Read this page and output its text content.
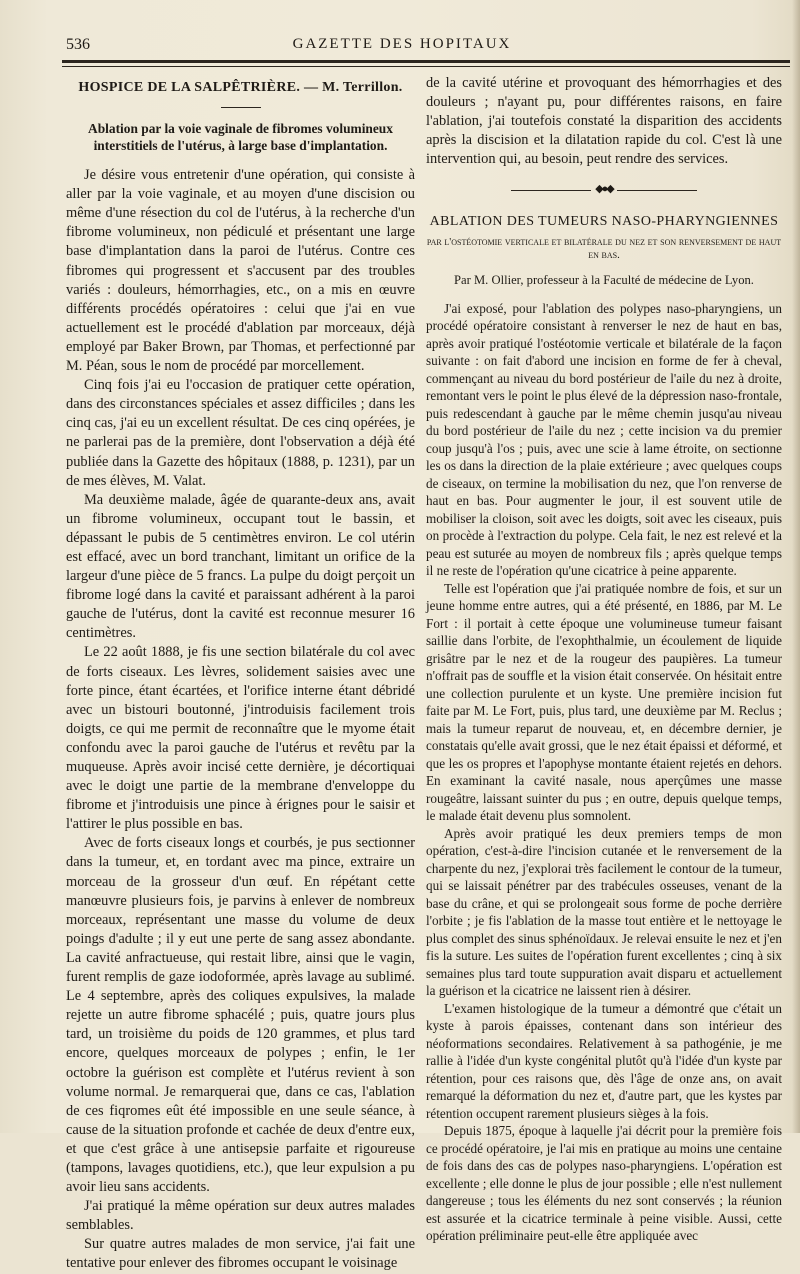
536	GAZETTE DES HOPITAUX
HOSPICE DE LA SALPÊTRIÈRE. — M. Terrillon.
Ablation par la voie vaginale de fibromes volumineux interstitiels de l'utérus, à large base d'implantation.

Je désire vous entretenir d'une opération, qui consiste à aller par la voie vaginale, et au moyen d'une discision ou même d'une résection du col de l'utérus, à la recherche d'un fibrome volumineux, non pédiculé et présentant une large base d'implantation dans la paroi de l'utérus. Contre ces fibromes qui progressent et s'accusent par des troubles variés : douleurs, hémorrhagies, etc., on a mis en œuvre différents procédés opératoires : celui que j'ai en vue actuellement est le procédé d'ablation par morceaux, déjà employé par Baker Brown, par Thomas, et perfectionné par M. Péan, sous le nom de procédé par morcellement.

Cinq fois j'ai eu l'occasion de pratiquer cette opération, dans des circonstances spéciales et assez difficiles ; dans les cinq cas, j'ai eu un excellent résultat. De ces cinq opérées, je ne parlerai pas de la première, dont l'observation a déjà été publiée dans la Gazette des hôpitaux (1888, p. 1231), par un de mes élèves, M. Valat.

Ma deuxième malade, âgée de quarante-deux ans, avait un fibrome volumineux, occupant tout le bassin, et dépassant le pubis de 5 centimètres environ. Le col utérin est effacé, avec un bord tranchant, limitant un orifice de la largeur d'une pièce de 5 francs. La pulpe du doigt perçoit un fibrome logé dans la cavité et paraissant adhérent à la paroi gauche de l'utérus, dont la cavité est reconnue mesurer 16 centimètres.

Le 22 août 1888, je fis une section bilatérale du col avec de forts ciseaux. Les lèvres, solidement saisies avec une forte pince, étant écartées, et l'orifice interne étant débridé avec un bistouri boutonné, j'introduisis facilement trois doigts, ce qui me permit de reconnaître que le myome était confondu avec la paroi gauche de l'utérus et revêtu par la muqueuse. Après avoir incisé cette dernière, je décortiquai avec le doigt une partie de la membrane d'enveloppe du fibrome et j'introduisis une pince à érignes pour le saisir et l'attirer le plus possible en bas.

Avec de forts ciseaux longs et courbés, je pus sectionner dans la tumeur, et, en tordant avec ma pince, extraire un morceau de la grosseur d'un œuf. En répétant cette manœuvre plusieurs fois, je parvins à enlever de nombreux morceaux, représentant une masse du volume de deux poings d'adulte ; il y eut une perte de sang assez abondante. La cavité anfractueuse, qui restait libre, ainsi que le vagin, furent remplis de gaze iodoformée, après lavage au sublimé. Le 4 septembre, après des coliques expulsives, la malade rejette un autre fibrome sphacélé ; puis, quatre jours plus tard, un troisième du poids de 120 grammes, et plus tard encore, quelques morceaux de polypes ; enfin, le 1er octobre la guérison est complète et l'utérus revient à son volume normal. Je remarquerai que, dans ce cas, l'ablation de ces fiqromes eût été impossible en une seule séance, à cause de la situation profonde et cachée de deux d'entre eux, et que c'est grâce à une antisepsie parfaite et rigoureuse (tampons, lavages quotidiens, etc.), que leur expulsion a pu avoir lieu sans accidents.

J'ai pratiqué la même opération sur deux autres malades semblables.

Sur quatre autres malades de mon service, j'ai fait une tentative pour enlever des fibromes occupant le voisinage

de la cavité utérine et provoquant des hémorrhagies et des douleurs ; n'ayant pu, pour différentes raisons, en faire l'ablation, j'ai toutefois constaté la disparition des accidents après la discision et la dilatation rapide du col. C'est là une intervention qui, au besoin, peut rendre des services.

◆●◆
ABLATION DES TUMEURS NASO-PHARYNGIENNES
par l'ostéotomie verticale et bilatérale du nez et son renversement de haut en bas.
Par M. Ollier, professeur à la Faculté de médecine de Lyon.

J'ai exposé, pour l'ablation des polypes naso-pharyngiens, un procédé opératoire consistant à renverser le nez de haut en bas, après avoir pratiqué l'ostéotomie verticale et bilatérale de la façon suivante : on fait d'abord une incision en forme de fer à cheval, commençant au niveau du bord postérieur de l'aile du nez à droite, remontant vers le point le plus élevé de la dépression naso-frontale, puis redescendant à gauche par le même chemin jusqu'au niveau du bord postérieur de l'aile du nez ; cette incision va du premier coup jusqu'à l'os ; puis, avec une scie à lame étroite, on sectionne les os dans la direction de la plaie extérieure ; avec quelques coups de ciseaux, on termine la mobilisation du nez, que l'on renverse de haut en bas. Pour augmenter le jour, il est souvent utile de mobiliser la cloison, soit avec les doigts, soit avec les ciseaux, puis on procède à l'extraction du polype. Cela fait, le nez est relevé et la peau est suturée au moyen de nombreux fils ; après quelque temps il ne reste de l'opération qu'une cicatrice à peine apparente.

Telle est l'opération que j'ai pratiquée nombre de fois, et sur un jeune homme entre autres, qui a été présenté, en 1886, par M. Le Fort : il portait à cette époque une volumineuse tumeur faisant saillie dans l'orbite, de l'exophthalmie, un écoulement de liquide grisâtre par le nez et de la rougeur des paupières. La tumeur n'offrait pas de souffle et la vision était conservée. On hésitait entre une collection purulente et un kyste. Une première incision fut faite par M. Le Fort, puis, plus tard, une deuxième par M. Reclus ; mais la tumeur reparut de nouveau, et, en décembre dernier, je constatais qu'elle avait grossi, que le nez était épaissi et déformé, et que les os propres et l'apophyse montante étaient rejetés en dehors. En examinant la cavité nasale, nous aperçûmes une masse rougeâtre, laissant suinter du pus ; en outre, depuis quelque temps, le malade était devenu plus somnolent.

Après avoir pratiqué les deux premiers temps de mon opération, c'est-à-dire l'incision cutanée et le renversement de la charpente du nez, j'explorai très facilement le contour de la tumeur, qui se laissait pénétrer par des trabécules osseuses, venant de la base du crâne, et qui se prolongeait sous forme de poche derrière l'orbite ; je fis l'ablation de la masse tout entière et le nettoyage le plus complet des sinus sphénoïdaux. Je relevai ensuite le nez et j'en fis la suture. Les suites de l'opération furent excellentes ; cinq à six semaines plus tard toute suppuration avait disparu et actuellement la guérison et la cicatrice ne laissent rien à désirer.

L'examen histologique de la tumeur a démontré que c'était un kyste à parois épaisses, contenant dans son intérieur des néoformations secondaires. Relativement à sa pathogénie, je me rallie à l'idée d'un kyste congénital plutôt qu'à l'idée d'un kyste par rétention, pour ces raisons que, dès l'âge de onze ans, on avait remarqué la déformation du nez et, d'autre part, que les kystes par rétention occupent rarement plusieurs sièges à la fois.

Depuis 1875, époque à laquelle j'ai décrit pour la première fois ce procédé opératoire, je l'ai mis en pratique au moins une centaine de fois dans des cas de polypes naso-pharyngiens. L'opération est excellente ; elle donne le plus de jour possible ; elle n'est nullement dangereuse ; tous les éléments du nez sont conservés ; la réunion est assurée et la cicatrice terminale à peine visible. Aussi, cette opération préliminaire peut-elle être appliquée avec
